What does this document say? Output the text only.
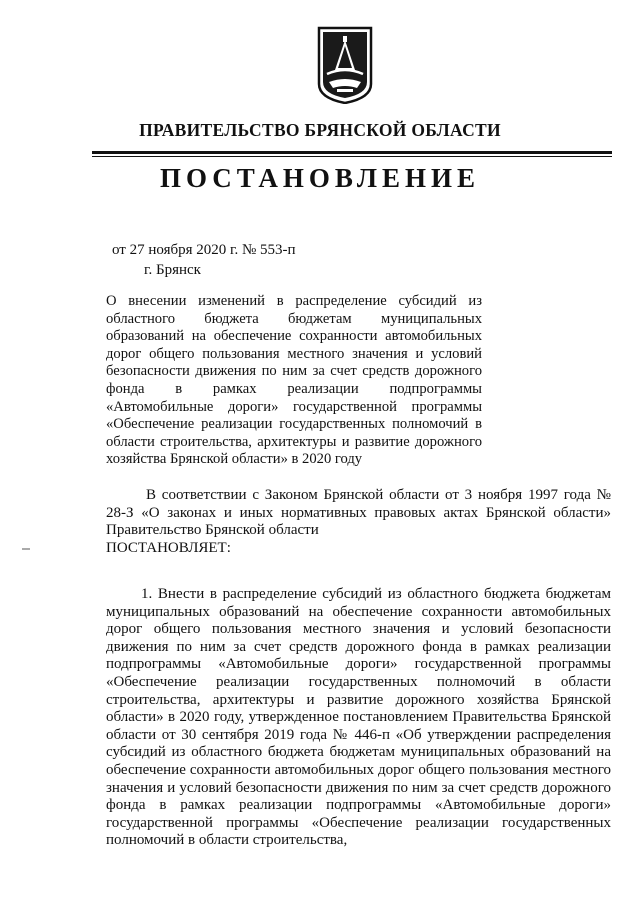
ПРАВИТЕЛЬСТВО БРЯНСКОЙ ОБЛАСТИ
ПОСТАНОВЛЕНИЕ
от 27 ноября 2020 г. № 553-п
г. Брянск
О внесении изменений в распределение субсидий из областного бюджета бюджетам муниципальных образований на обеспечение сохранности автомобильных дорог общего пользования местного значения и условий безопасности движения по ним за счет средств дорожного фонда в рамках реализации подпрограммы «Автомобильные дороги» государственной программы «Обеспечение реализации государственных полномочий в области строительства, архитектуры и развитие дорожного хозяйства Брянской области» в 2020 году
В соответствии с Законом Брянской области от 3 ноября 1997 года № 28-З «О законах и иных нормативных правовых актах Брянской области» Правительство Брянской области
ПОСТАНОВЛЯЕТ:
1. Внести в распределение субсидий из областного бюджета бюджетам муниципальных образований на обеспечение сохранности автомобильных дорог общего пользования местного значения и условий безопасности движения по ним за счет средств дорожного фонда в рамках реализации подпрограммы «Автомобильные дороги» государственной программы «Обеспечение реализации государственных полномочий в области строительства, архитектуры и развитие дорожного хозяйства Брянской области» в 2020 году, утвержденное постановлением Правительства Брянской области от 30 сентября 2019 года № 446-п «Об утверждении распределения субсидий из областного бюджета бюджетам муниципальных образований на обеспечение сохранности автомобильных дорог общего пользования местного значения и условий безопасности движения по ним за счет средств дорожного фонда в рамках реализации подпрограммы «Автомобильные дороги» государственной программы «Обеспечение реализации государственных полномочий в области строительства,
